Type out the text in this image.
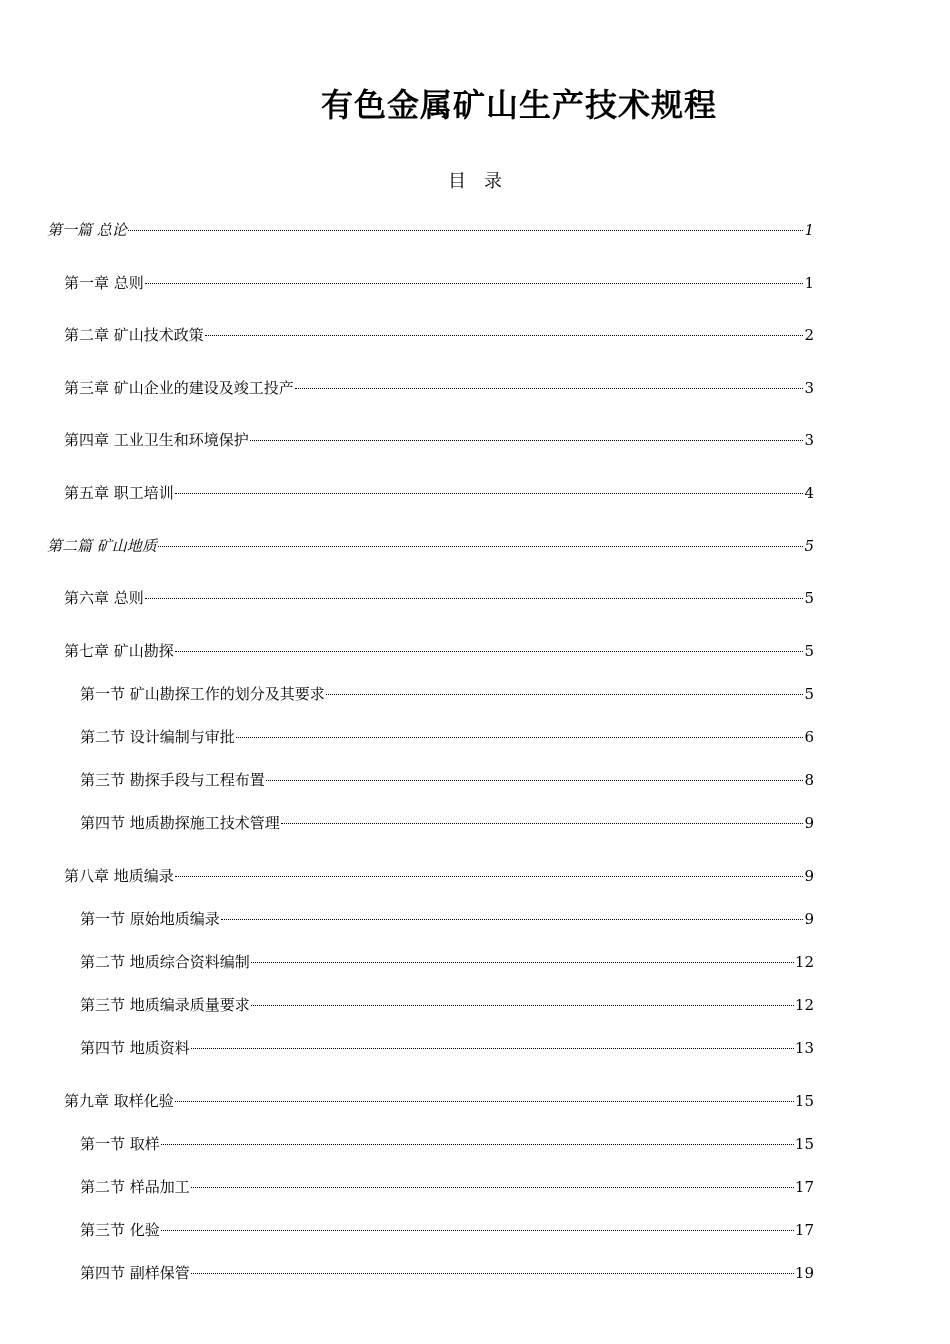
有色金属矿山生产技术规程
目　录
第一篇 总论	1
第一章 总则	1
第二章 矿山技术政策	2
第三章 矿山企业的建设及竣工投产	3
第四章 工业卫生和环境保护	3
第五章 职工培训	4
第二篇 矿山地质	5
第六章 总则	5
第七章 矿山勘探	5
第一节 矿山勘探工作的划分及其要求	5
第二节 设计编制与审批	6
第三节 勘探手段与工程布置	8
第四节 地质勘探施工技术管理	9
第八章 地质编录	9
第一节 原始地质编录	9
第二节 地质综合资料编制	12
第三节 地质编录质量要求	12
第四节 地质资料	13
第九章 取样化验	15
第一节 取样	15
第二节 样品加工	17
第三节 化验	17
第四节 副样保管	19
